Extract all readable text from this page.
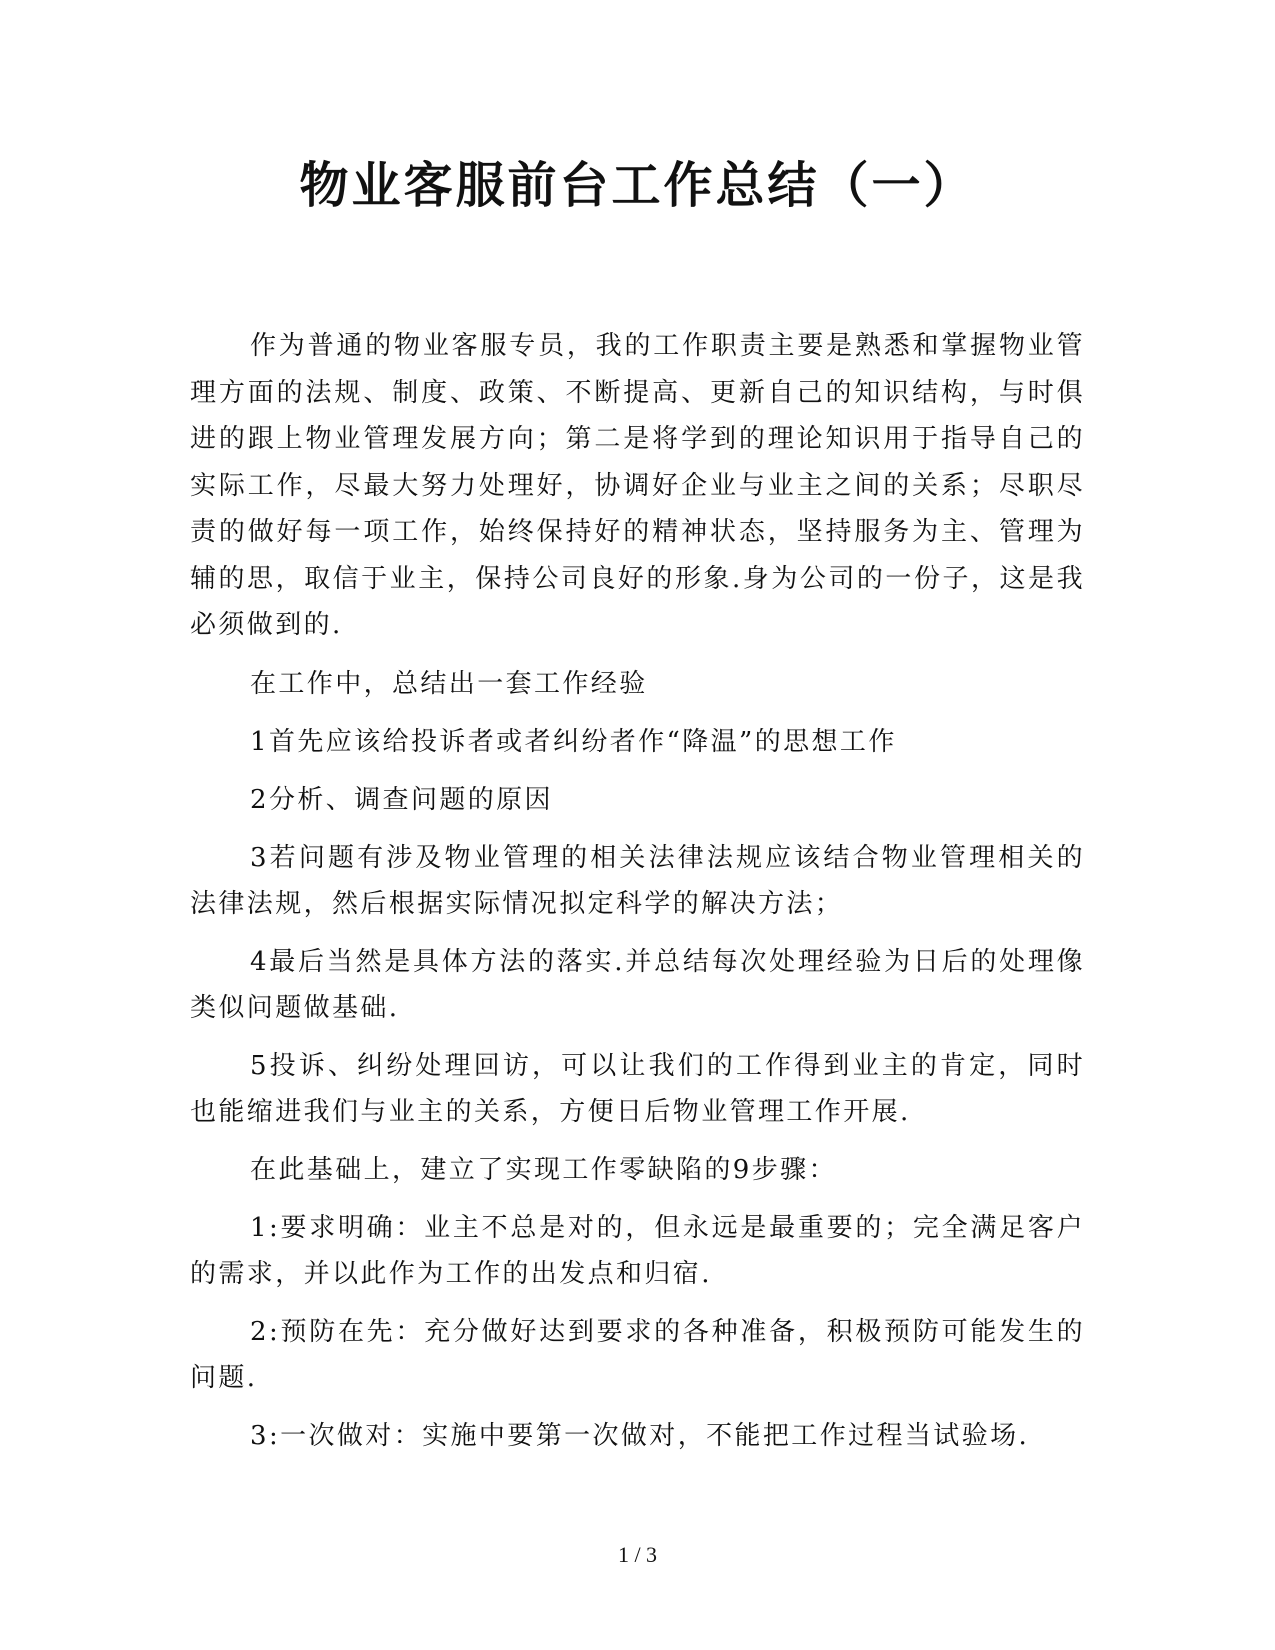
物业客服前台工作总结（一）

作为普通的物业客服专员，我的工作职责主要是熟悉和掌握物业管理方面的法规、制度、政策、不断提高、更新自己的知识结构，与时俱进的跟上物业管理发展方向；第二是将学到的理论知识用于指导自己的实际工作，尽最大努力处理好，协调好企业与业主之间的关系；尽职尽责的做好每一项工作，始终保持好的精神状态，坚持服务为主、管理为辅的思，取信于业主，保持公司良好的形象.身为公司的一份子，这是我必须做到的.

在工作中，总结出一套工作经验

1首先应该给投诉者或者纠纷者作“降温”的思想工作

2分析、调查问题的原因

3若问题有涉及物业管理的相关法律法规应该结合物业管理相关的法律法规，然后根据实际情况拟定科学的解决方法；

4最后当然是具体方法的落实.并总结每次处理经验为日后的处理像类似问题做基础.

5投诉、纠纷处理回访，可以让我们的工作得到业主的肯定，同时也能缩进我们与业主的关系，方便日后物业管理工作开展.

在此基础上，建立了实现工作零缺陷的9步骤：

1:要求明确：业主不总是对的，但永远是最重要的；完全满足客户的需求，并以此作为工作的出发点和归宿.

2:预防在先：充分做好达到要求的各种准备，积极预防可能发生的问题.

3:一次做对：实施中要第一次做对，不能把工作过程当试验场.

1 / 3
